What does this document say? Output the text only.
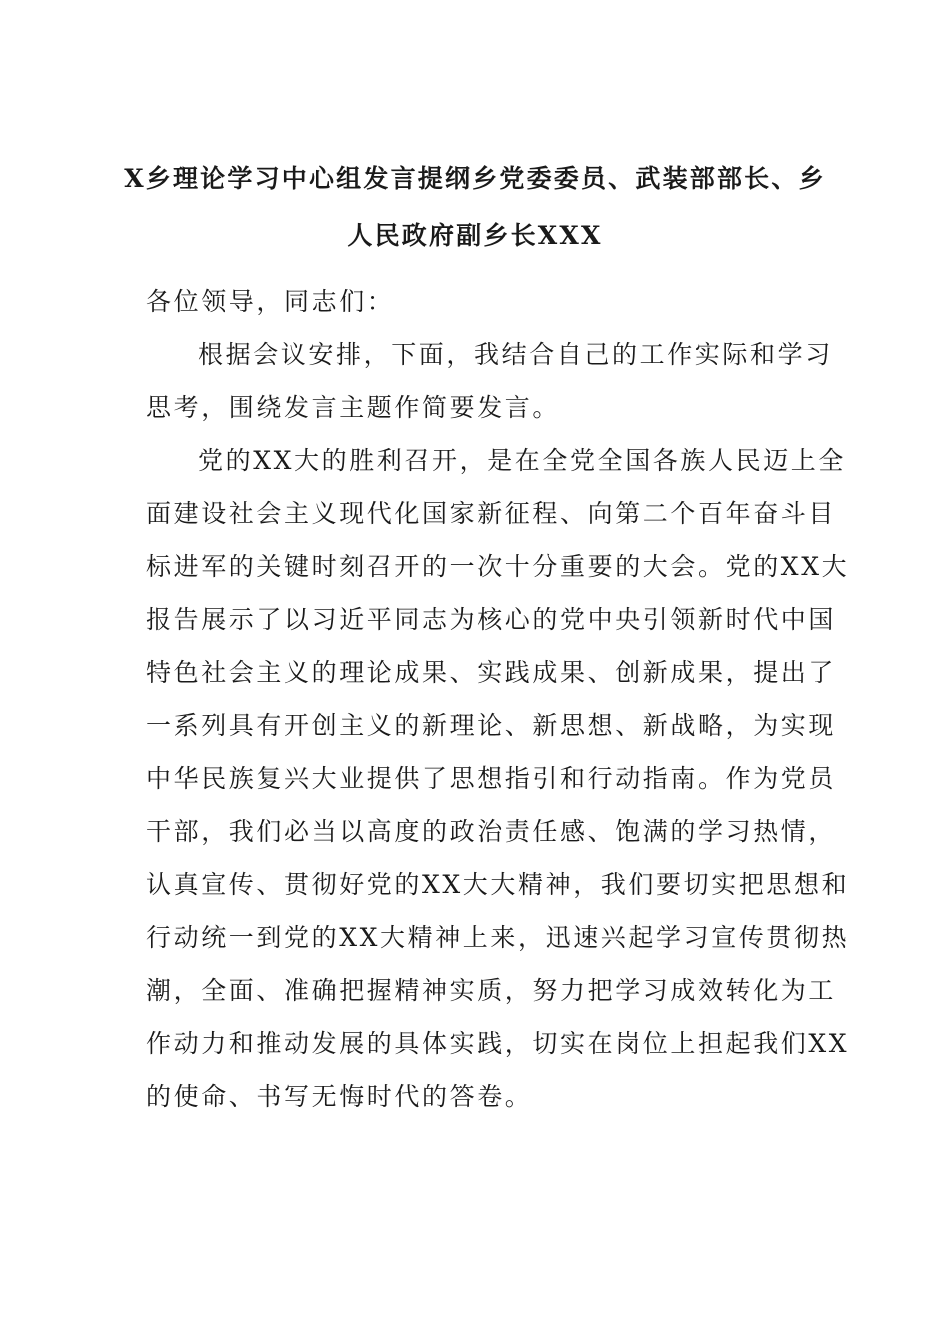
X乡理论学习中心组发言提纲乡党委委员、武装部部长、乡
人民政府副乡长XXX
各位领导，同志们：
根据会议安排，下面，我结合自己的工作实际和学习
思考，围绕发言主题作简要发言。
党的XX大的胜利召开，是在全党全国各族人民迈上全
面建设社会主义现代化国家新征程、向第二个百年奋斗目
标进军的关键时刻召开的一次十分重要的大会。党的XX大
报告展示了以习近平同志为核心的党中央引领新时代中国
特色社会主义的理论成果、实践成果、创新成果，提出了
一系列具有开创主义的新理论、新思想、新战略，为实现
中华民族复兴大业提供了思想指引和行动指南。作为党员
干部，我们必当以高度的政治责任感、饱满的学习热情，
认真宣传、贯彻好党的XX大大精神，我们要切实把思想和
行动统一到党的XX大精神上来，迅速兴起学习宣传贯彻热
潮，全面、准确把握精神实质，努力把学习成效转化为工
作动力和推动发展的具体实践，切实在岗位上担起我们XX
的使命、书写无悔时代的答卷。
